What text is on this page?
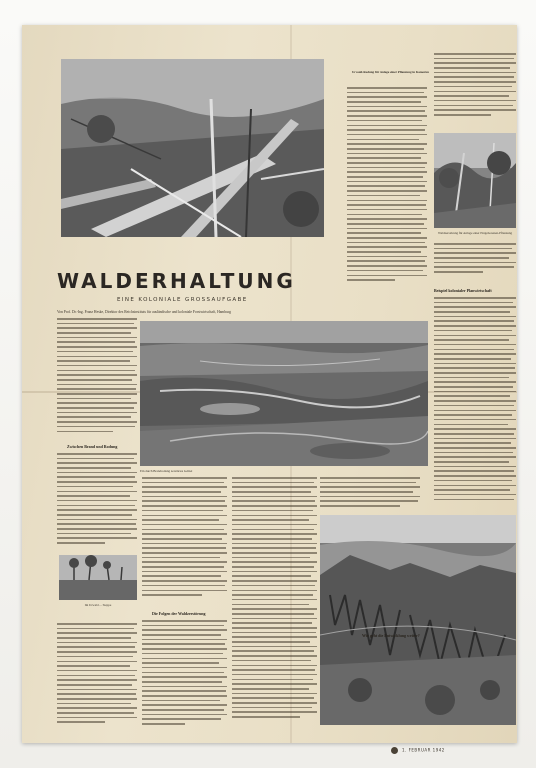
Waldzerstörung für Anlage einer Eingeborenen-Pflanzung
Urwald-Rodung für Anlage einer Pflanzung in Kamerun
WALDERHALTUNG
EINE KOLONIALE GROSSAUFGABE
Von Prof. Dr.-Ing. Franz Heske, Direktor des Reichsinstituts für ausländische und koloniale Forstwirtschaft, Hamburg
Beispiel kolonialer Planwirtschaft
Zwischen Brand und Rodung
Ein durch Brandrodung zerstörtes Gebiet
Im Urwald ... Steppe
Die Folgen der Waldzerstörung
Wie geht die Entwicklung weiter?
1. FEBRUAR 1942
